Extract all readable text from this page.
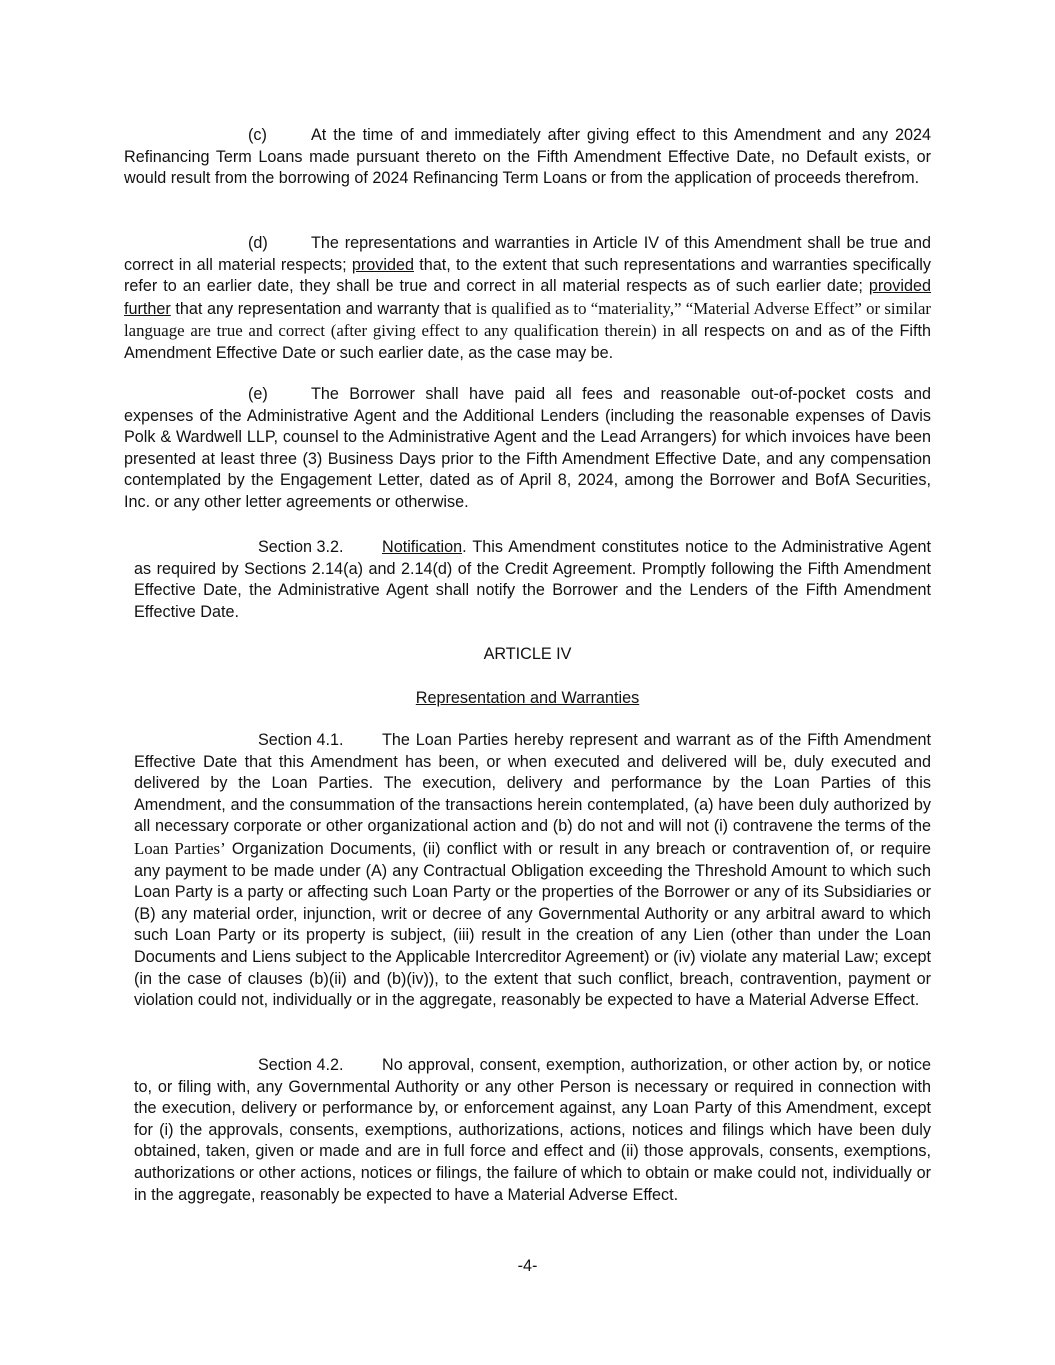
(c)	At the time of and immediately after giving effect to this Amendment and any 2024 Refinancing Term Loans made pursuant thereto on the Fifth Amendment Effective Date, no Default exists, or would result from the borrowing of 2024 Refinancing Term Loans or from the application of proceeds therefrom.

(d)	The representations and warranties in Article IV of this Amendment shall be true and correct in all material respects; provided that, to the extent that such representations and warranties specifically refer to an earlier date, they shall be true and correct in all material respects as of such earlier date; provided further that any representation and warranty that is qualified as to “materiality,” “Material Adverse Effect” or similar language are true and correct (after giving effect to any qualification therein) in all respects on and as of the Fifth Amendment Effective Date or such earlier date, as the case may be.

(e)	The Borrower shall have paid all fees and reasonable out-of-pocket costs and expenses of the Administrative Agent and the Additional Lenders (including the reasonable expenses of Davis Polk & Wardwell LLP, counsel to the Administrative Agent and the Lead Arrangers) for which invoices have been presented at least three (3) Business Days prior to the Fifth Amendment Effective Date, and any compensation contemplated by the Engagement Letter, dated as of April 8, 2024, among the Borrower and BofA Securities, Inc. or any other letter agreements or otherwise.

Section 3.2. Notification. This Amendment constitutes notice to the Administrative Agent as required by Sections 2.14(a) and 2.14(d) of the Credit Agreement. Promptly following the Fifth Amendment Effective Date, the Administrative Agent shall notify the Borrower and the Lenders of the Fifth Amendment Effective Date.

ARTICLE IV
Representation and Warranties

Section 4.1. The Loan Parties hereby represent and warrant as of the Fifth Amendment Effective Date that this Amendment has been, or when executed and delivered will be, duly executed and delivered by the Loan Parties. The execution, delivery and performance by the Loan Parties of this Amendment, and the consummation of the transactions herein contemplated, (a) have been duly authorized by all necessary corporate or other organizational action and (b) do not and will not (i) contravene the terms of the Loan Parties’ Organization Documents, (ii) conflict with or result in any breach or contravention of, or require any payment to be made under (A) any Contractual Obligation exceeding the Threshold Amount to which such Loan Party is a party or affecting such Loan Party or the properties of the Borrower or any of its Subsidiaries or (B) any material order, injunction, writ or decree of any Governmental Authority or any arbitral award to which such Loan Party or its property is subject, (iii) result in the creation of any Lien (other than under the Loan Documents and Liens subject to the Applicable Intercreditor Agreement) or (iv) violate any material Law; except (in the case of clauses (b)(ii) and (b)(iv)), to the extent that such conflict, breach, contravention, payment or violation could not, individually or in the aggregate, reasonably be expected to have a Material Adverse Effect.

Section 4.2. No approval, consent, exemption, authorization, or other action by, or notice to, or filing with, any Governmental Authority or any other Person is necessary or required in connection with the execution, delivery or performance by, or enforcement against, any Loan Party of this Amendment, except for (i) the approvals, consents, exemptions, authorizations, actions, notices and filings which have been duly obtained, taken, given or made and are in full force and effect and (ii) those approvals, consents, exemptions, authorizations or other actions, notices or filings, the failure of which to obtain or make could not, individually or in the aggregate, reasonably be expected to have a Material Adverse Effect.

-4-
